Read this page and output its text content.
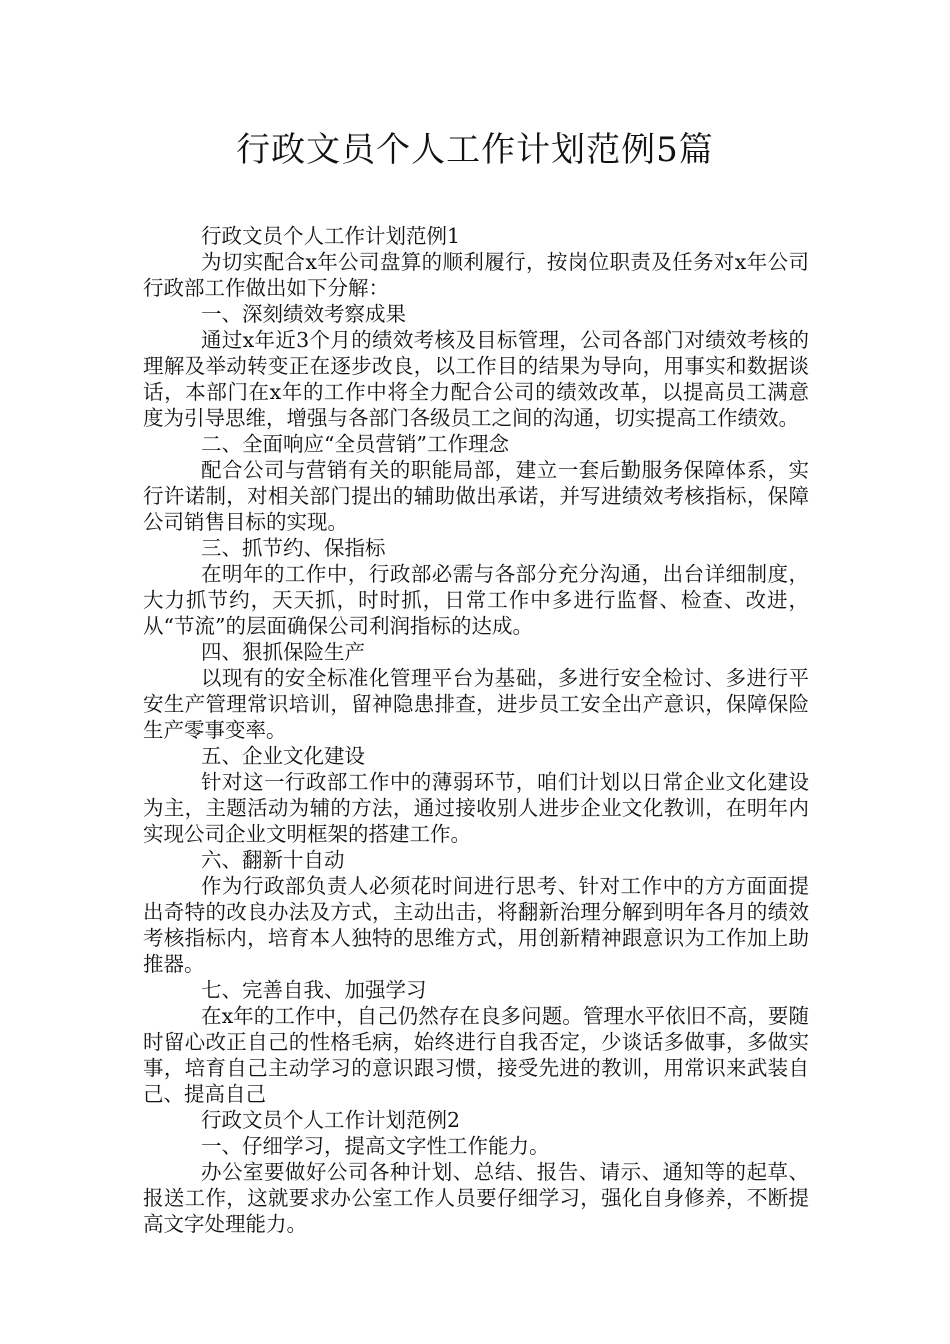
行政文员个人工作计划范例5篇

行政文员个人工作计划范例1

为切实配合x年公司盘算的顺利履行，按岗位职责及任务对x年公司行政部工作做出如下分解：

一、深刻绩效考察成果

通过x年近3个月的绩效考核及目标管理，公司各部门对绩效考核的理解及举动转变正在逐步改良，以工作目的结果为导向，用事实和数据谈话，本部门在x年的工作中将全力配合公司的绩效改革，以提高员工满意度为引导思维，增强与各部门各级员工之间的沟通，切实提高工作绩效。

二、全面响应“全员营销”工作理念

配合公司与营销有关的职能局部，建立一套后勤服务保障体系，实行许诺制，对相关部门提出的辅助做出承诺，并写进绩效考核指标，保障公司销售目标的实现。

三、抓节约、保指标

在明年的工作中，行政部必需与各部分充分沟通，出台详细制度，大力抓节约，天天抓，时时抓，日常工作中多进行监督、检查、改进，从“节流”的层面确保公司利润指标的达成。

四、狠抓保险生产

以现有的安全标准化管理平台为基础，多进行安全检讨、多进行平安生产管理常识培训，留神隐患排查，进步员工安全出产意识，保障保险生产零事变率。

五、企业文化建设

针对这一行政部工作中的薄弱环节，咱们计划以日常企业文化建设为主，主题活动为辅的方法，通过接收别人进步企业文化教训，在明年内实现公司企业文明框架的搭建工作。

六、翻新十自动

作为行政部负责人必须花时间进行思考、针对工作中的方方面面提出奇特的改良办法及方式，主动出击，将翻新治理分解到明年各月的绩效考核指标内，培育本人独特的思维方式，用创新精神跟意识为工作加上助推器。

七、完善自我、加强学习

在x年的工作中，自己仍然存在良多问题。管理水平依旧不高，要随时留心改正自己的性格毛病，始终进行自我否定，少谈话多做事，多做实事，培育自己主动学习的意识跟习惯，接受先进的教训，用常识来武装自己、提高自己

行政文员个人工作计划范例2

一、仔细学习，提高文字性工作能力。

办公室要做好公司各种计划、总结、报告、请示、通知等的起草、报送工作，这就要求办公室工作人员要仔细学习，强化自身修养，不断提高文字处理能力。
